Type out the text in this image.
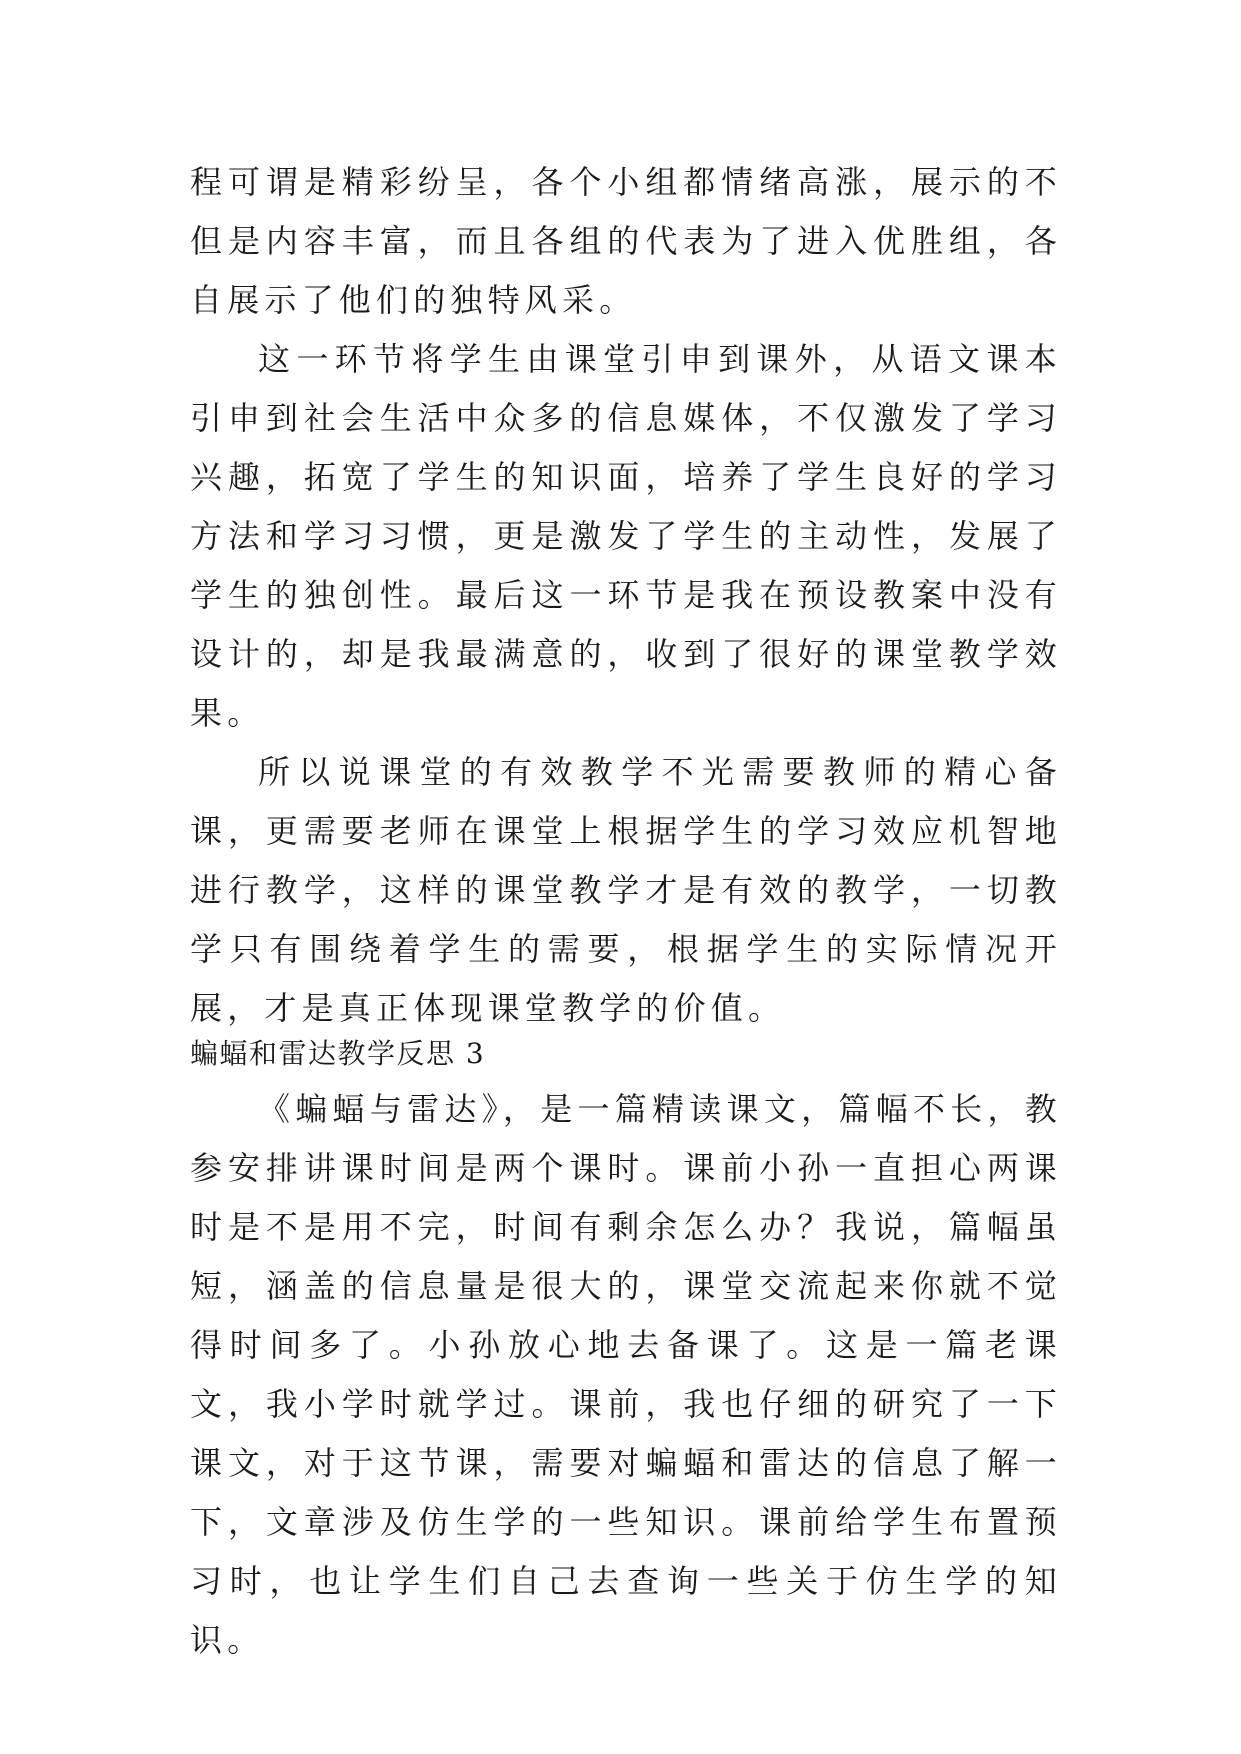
程可谓是精彩纷呈，各个小组都情绪高涨，展示的不但是内容丰富，而且各组的代表为了进入优胜组，各自展示了他们的独特风采。

这一环节将学生由课堂引申到课外，从语文课本引申到社会生活中众多的信息媒体，不仅激发了学习兴趣，拓宽了学生的知识面，培养了学生良好的学习方法和学习习惯，更是激发了学生的主动性，发展了学生的独创性。最后这一环节是我在预设教案中没有设计的，却是我最满意的，收到了很好的课堂教学效果。

所以说课堂的有效教学不光需要教师的精心备课，更需要老师在课堂上根据学生的学习效应机智地进行教学，这样的课堂教学才是有效的教学，一切教学只有围绕着学生的需要，根据学生的实际情况开展，才是真正体现课堂教学的价值。

蝙蝠和雷达教学反思 3

《蝙蝠与雷达》，是一篇精读课文，篇幅不长，教参安排讲课时间是两个课时。课前小孙一直担心两课时是不是用不完，时间有剩余怎么办？我说，篇幅虽短，涵盖的信息量是很大的，课堂交流起来你就不觉得时间多了。小孙放心地去备课了。这是一篇老课文，我小学时就学过。课前，我也仔细的研究了一下课文，对于这节课，需要对蝙蝠和雷达的信息了解一下，文章涉及仿生学的一些知识。课前给学生布置预习时，也让学生们自己去查询一些关于仿生学的知识。
